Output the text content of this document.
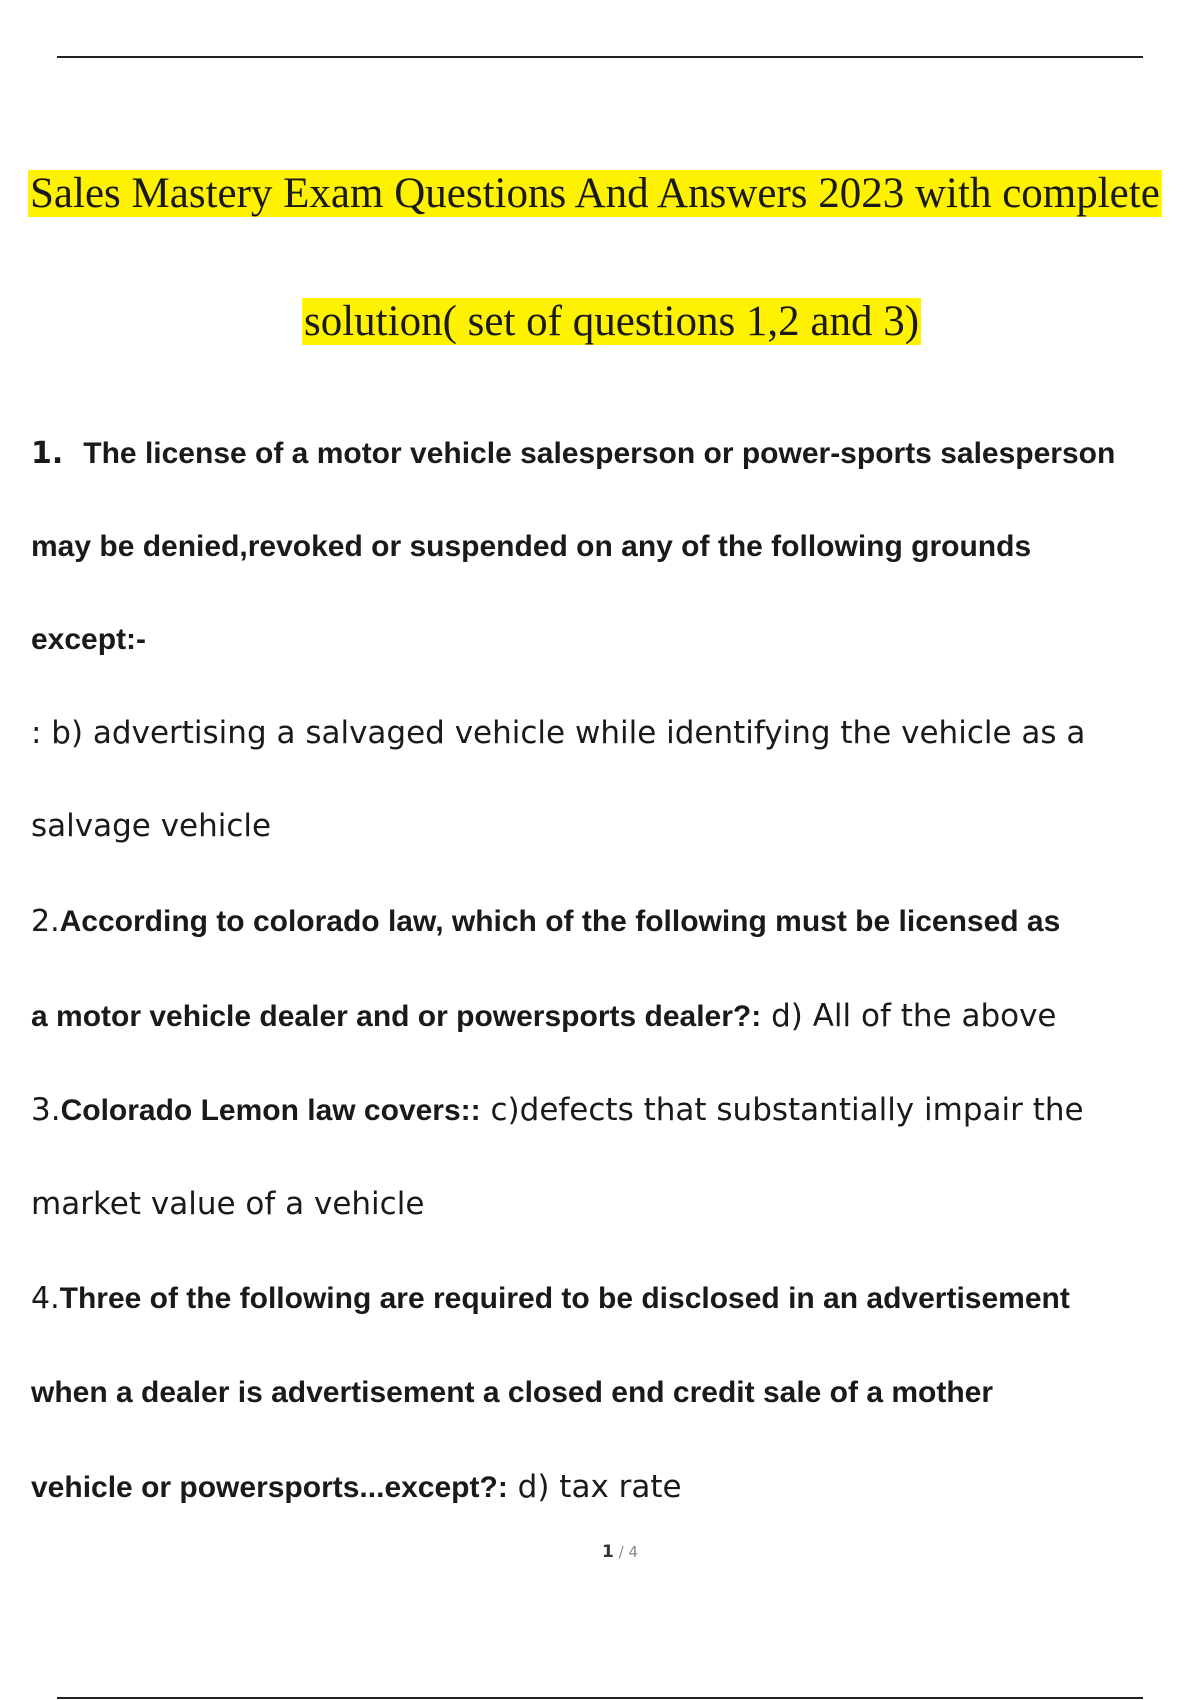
Sales Mastery Exam Questions And Answers 2023 with complete
solution( set of questions 1,2 and 3)
1. The license of a motor vehicle salesperson or power-sports salesperson
may be denied,revoked or suspended on any of the following grounds
except:-
: b) advertising a salvaged vehicle while identifying the vehicle as a
salvage vehicle
2.According to colorado law, which of the following must be licensed as
a motor vehicle dealer and or powersports dealer?: d) All of the above
3.Colorado Lemon law covers:: c)defects that substantially impair the
market value of a vehicle
4.Three of the following are required to be disclosed in an advertisement
when a dealer is advertisement a closed end credit sale of a mother
vehicle or powersports...except?: d) tax rate
1 / 4
